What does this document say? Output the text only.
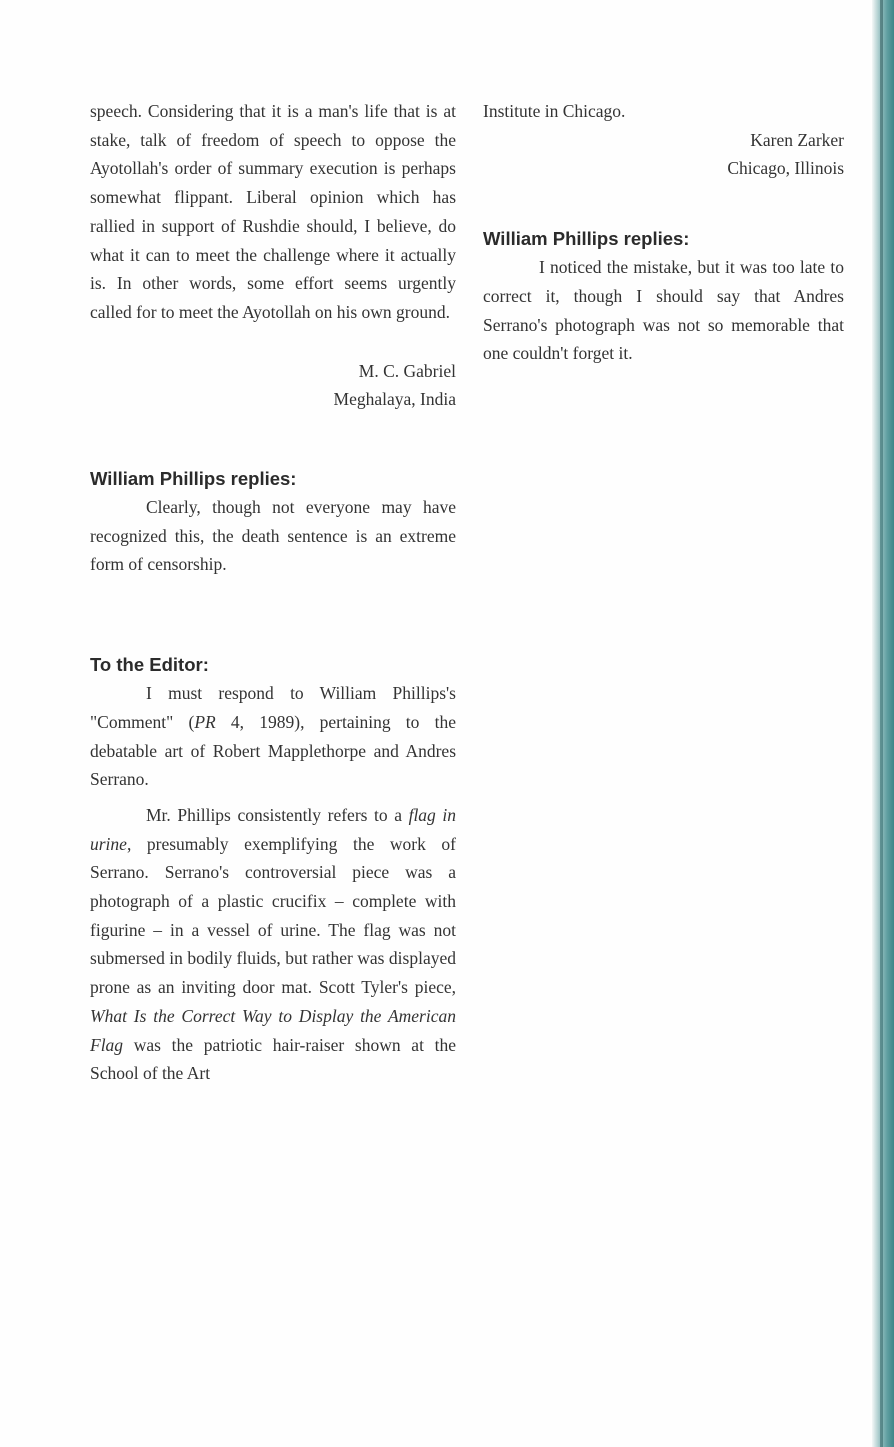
speech. Considering that it is a man's life that is at stake, talk of freedom of speech to oppose the Ayotollah's order of summary execution is perhaps somewhat flippant. Liberal opinion which has rallied in support of Rushdie should, I believe, do what it can to meet the challenge where it actually is. In other words, some effort seems urgently called for to meet the Ayotollah on his own ground.

M. C. Gabriel

Meghalaya, India

William Phillips replies:

Clearly, though not everyone may have recognized this, the death sentence is an extreme form of censorship.

To the Editor:

I must respond to William Phillips's "Comment" (PR 4, 1989), pertaining to the debatable art of Robert Mapplethorpe and Andres Serrano.

Mr. Phillips consistently refers to a flag in urine, presumably exemplifying the work of Serrano. Serrano's controversial piece was a photograph of a plastic crucifix – complete with figurine – in a vessel of urine. The flag was not submersed in bodily fluids, but rather was displayed prone as an inviting door mat. Scott Tyler's piece, What Is the Correct Way to Display the American Flag was the patriotic hair-raiser shown at the School of the Art

Institute in Chicago.

Karen Zarker

Chicago, Illinois

William Phillips replies:

I noticed the mistake, but it was too late to correct it, though I should say that Andres Serrano's photograph was not so memorable that one couldn't forget it.
